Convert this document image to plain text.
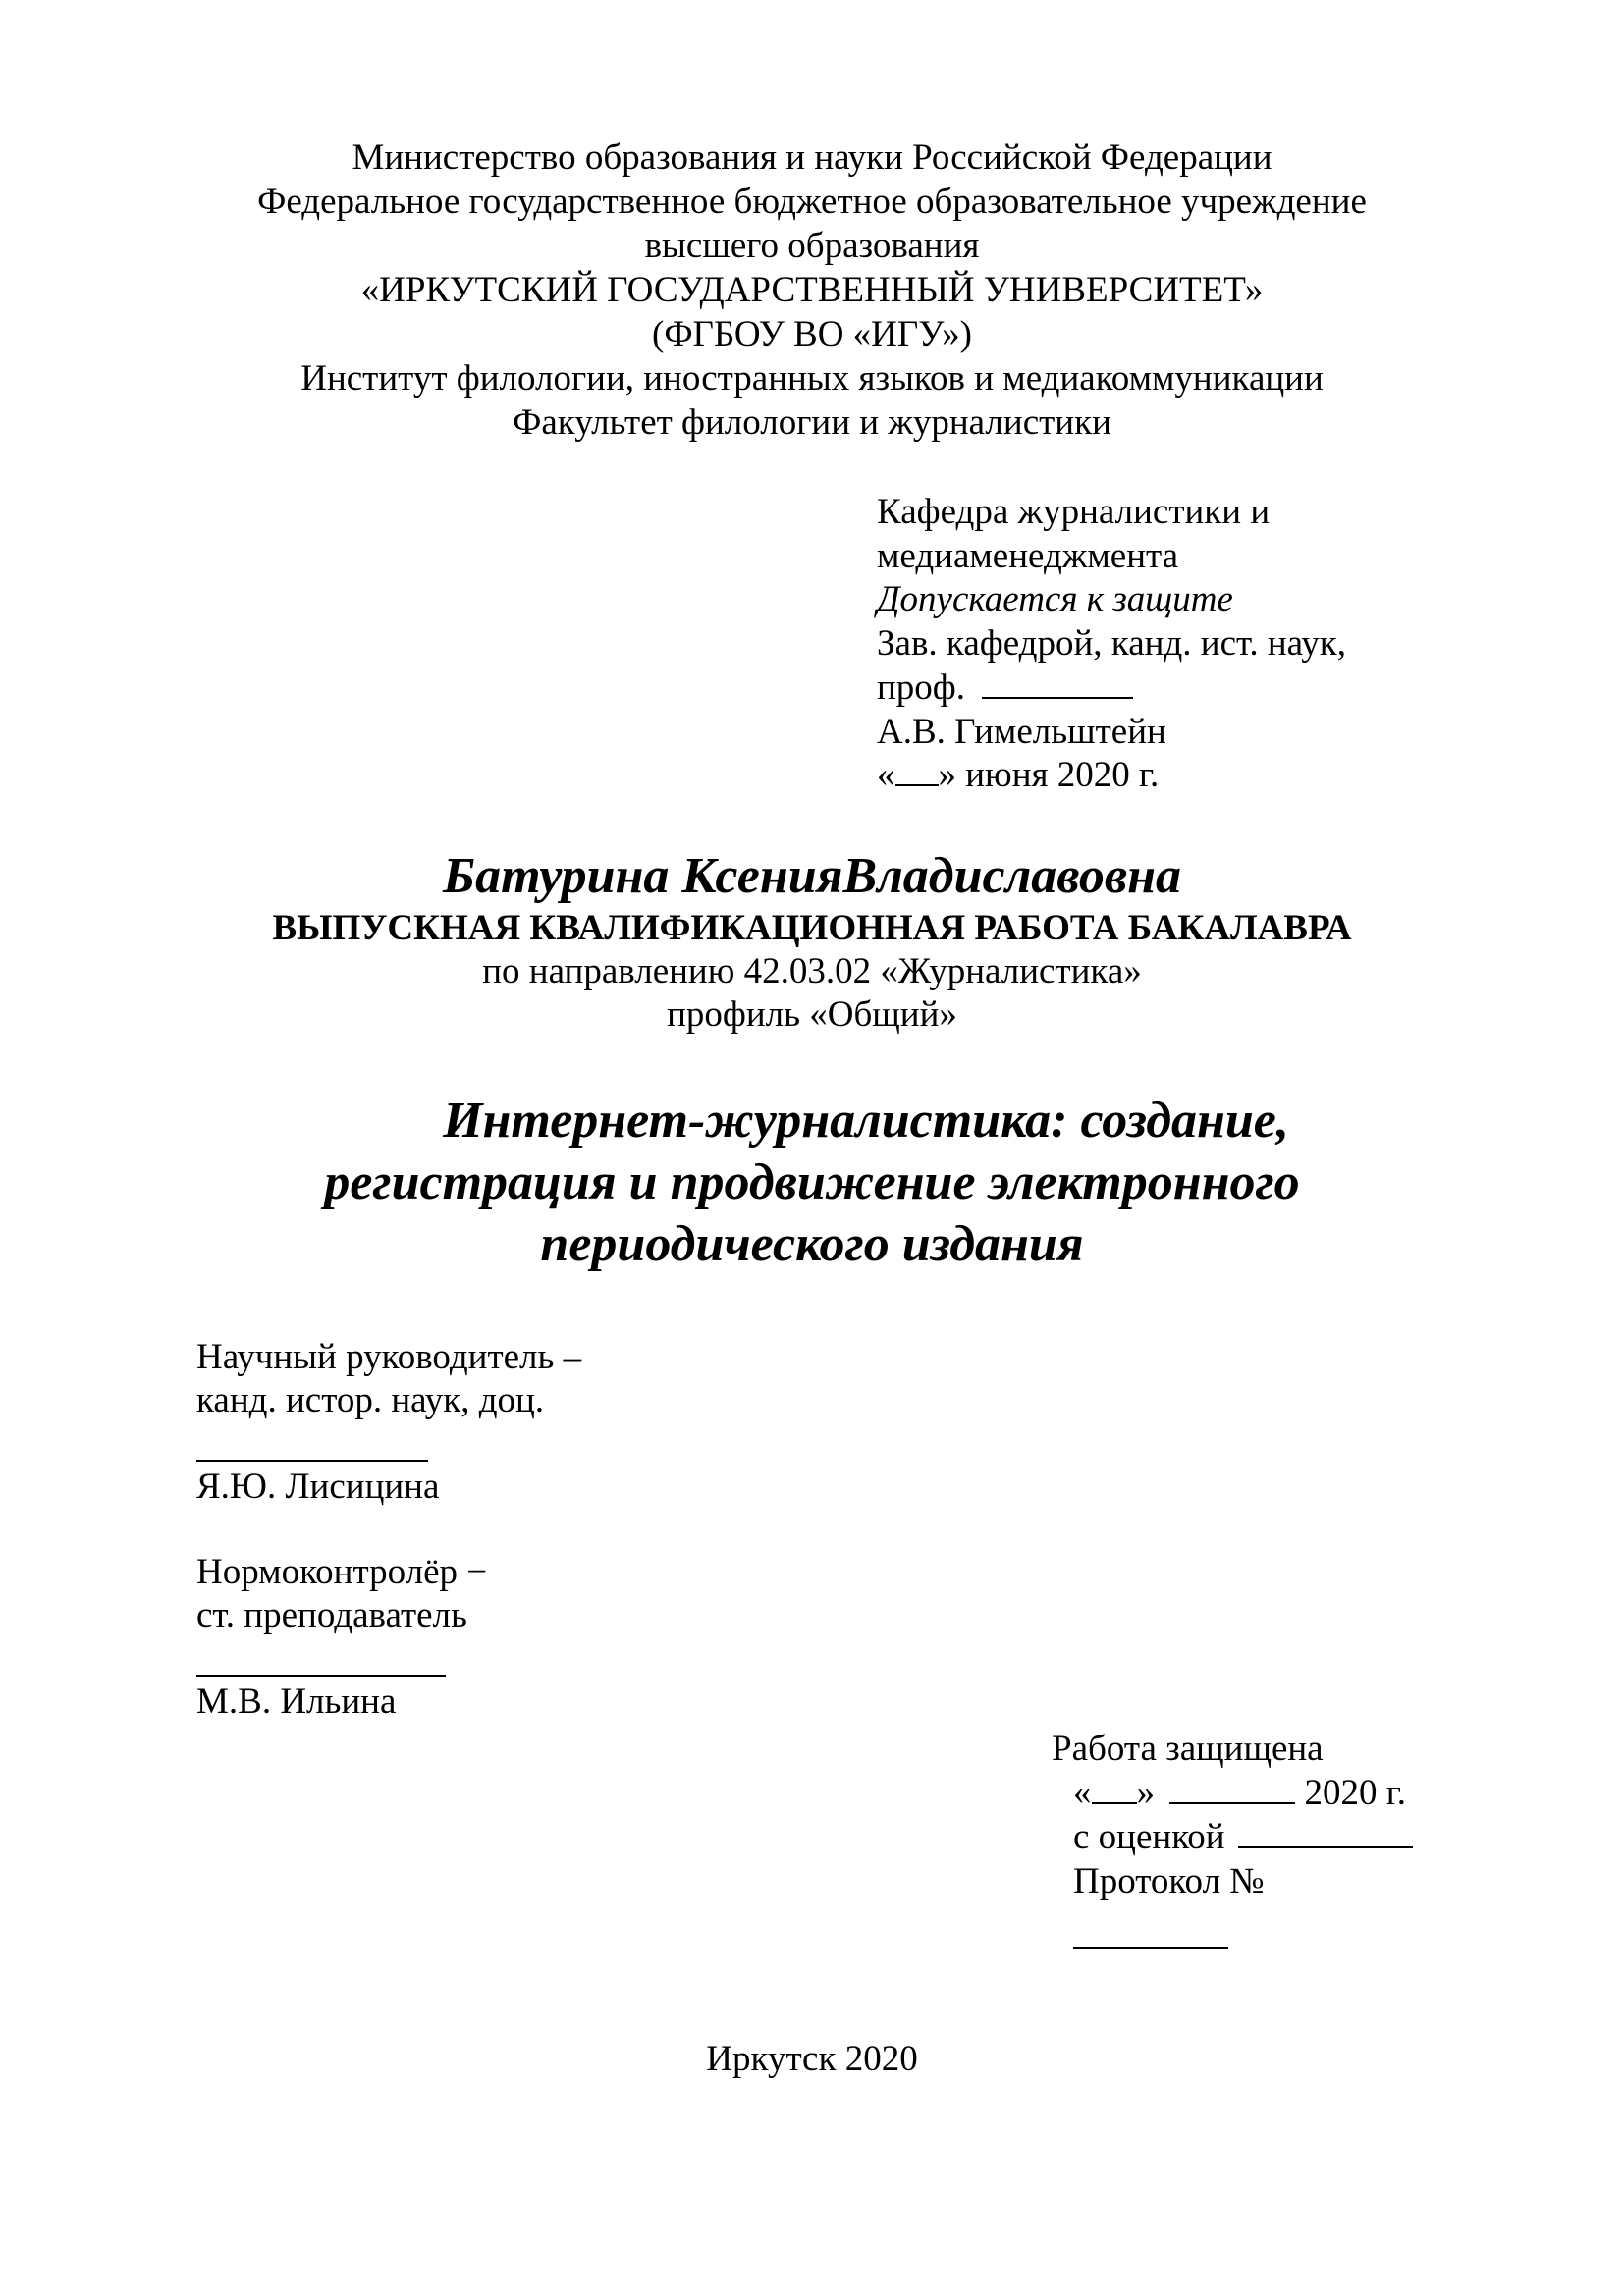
Министерство образования и науки Российской Федерации
Федеральное государственное бюджетное образовательное учреждение
высшего образования
«ИРКУТСКИЙ ГОСУДАРСТВЕННЫЙ УНИВЕРСИТЕТ»
(ФГБОУ ВО «ИГУ»)
Институт филологии, иностранных языков и медиакоммуникации
Факультет филологии и журналистики
Кафедра журналистики и
медиаменеджмента
Допускается к защите
Зав. кафедрой, канд. ист. наук,
проф.
А.В. Гимельштейн
« » июня 2020 г.
Батурина КсенияВладиславовна
ВЫПУСКНАЯ КВАЛИФИКАЦИОННАЯ РАБОТА БАКАЛАВРА
по направлению 42.03.02 «Журналистика»
профиль «Общий»
Интернет-журналистика: создание,
регистрация и продвижение электронного
периодического издания
Научный руководитель –
канд. истор. наук, доц.
Я.Ю. Лисицина
Нормоконтролёр −
ст. преподаватель
М.В. Ильина
Работа защищена
« »	2020 г.
с оценкой
Протокол №
Иркутск 2020
